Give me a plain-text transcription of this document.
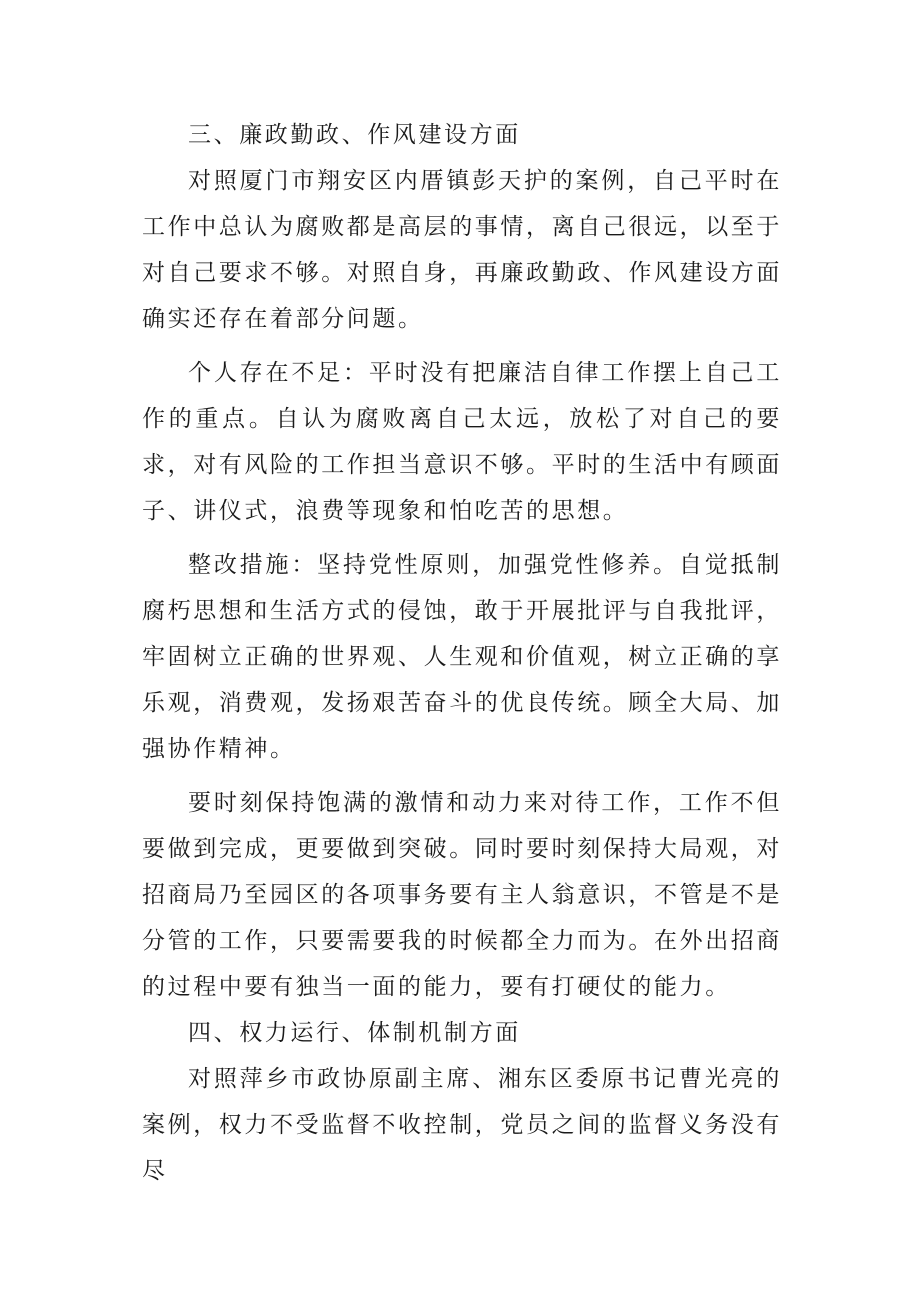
三、廉政勤政、作风建设方面

对照厦门市翔安区内厝镇彭天护的案例，自己平时在工作中总认为腐败都是高层的事情，离自己很远，以至于对自己要求不够。对照自身，再廉政勤政、作风建设方面确实还存在着部分问题。

个人存在不足：平时没有把廉洁自律工作摆上自己工作的重点。自认为腐败离自己太远，放松了对自己的要求，对有风险的工作担当意识不够。平时的生活中有顾面子、讲仪式，浪费等现象和怕吃苦的思想。

整改措施：坚持党性原则，加强党性修养。自觉抵制腐朽思想和生活方式的侵蚀，敢于开展批评与自我批评，牢固树立正确的世界观、人生观和价值观，树立正确的享乐观，消费观，发扬艰苦奋斗的优良传统。顾全大局、加强协作精神。

要时刻保持饱满的激情和动力来对待工作，工作不但要做到完成，更要做到突破。同时要时刻保持大局观，对招商局乃至园区的各项事务要有主人翁意识，不管是不是分管的工作，只要需要我的时候都全力而为。在外出招商的过程中要有独当一面的能力，要有打硬仗的能力。

四、权力运行、体制机制方面

对照萍乡市政协原副主席、湘东区委原书记曹光亮的案例，权力不受监督不收控制，党员之间的监督义务没有尽
